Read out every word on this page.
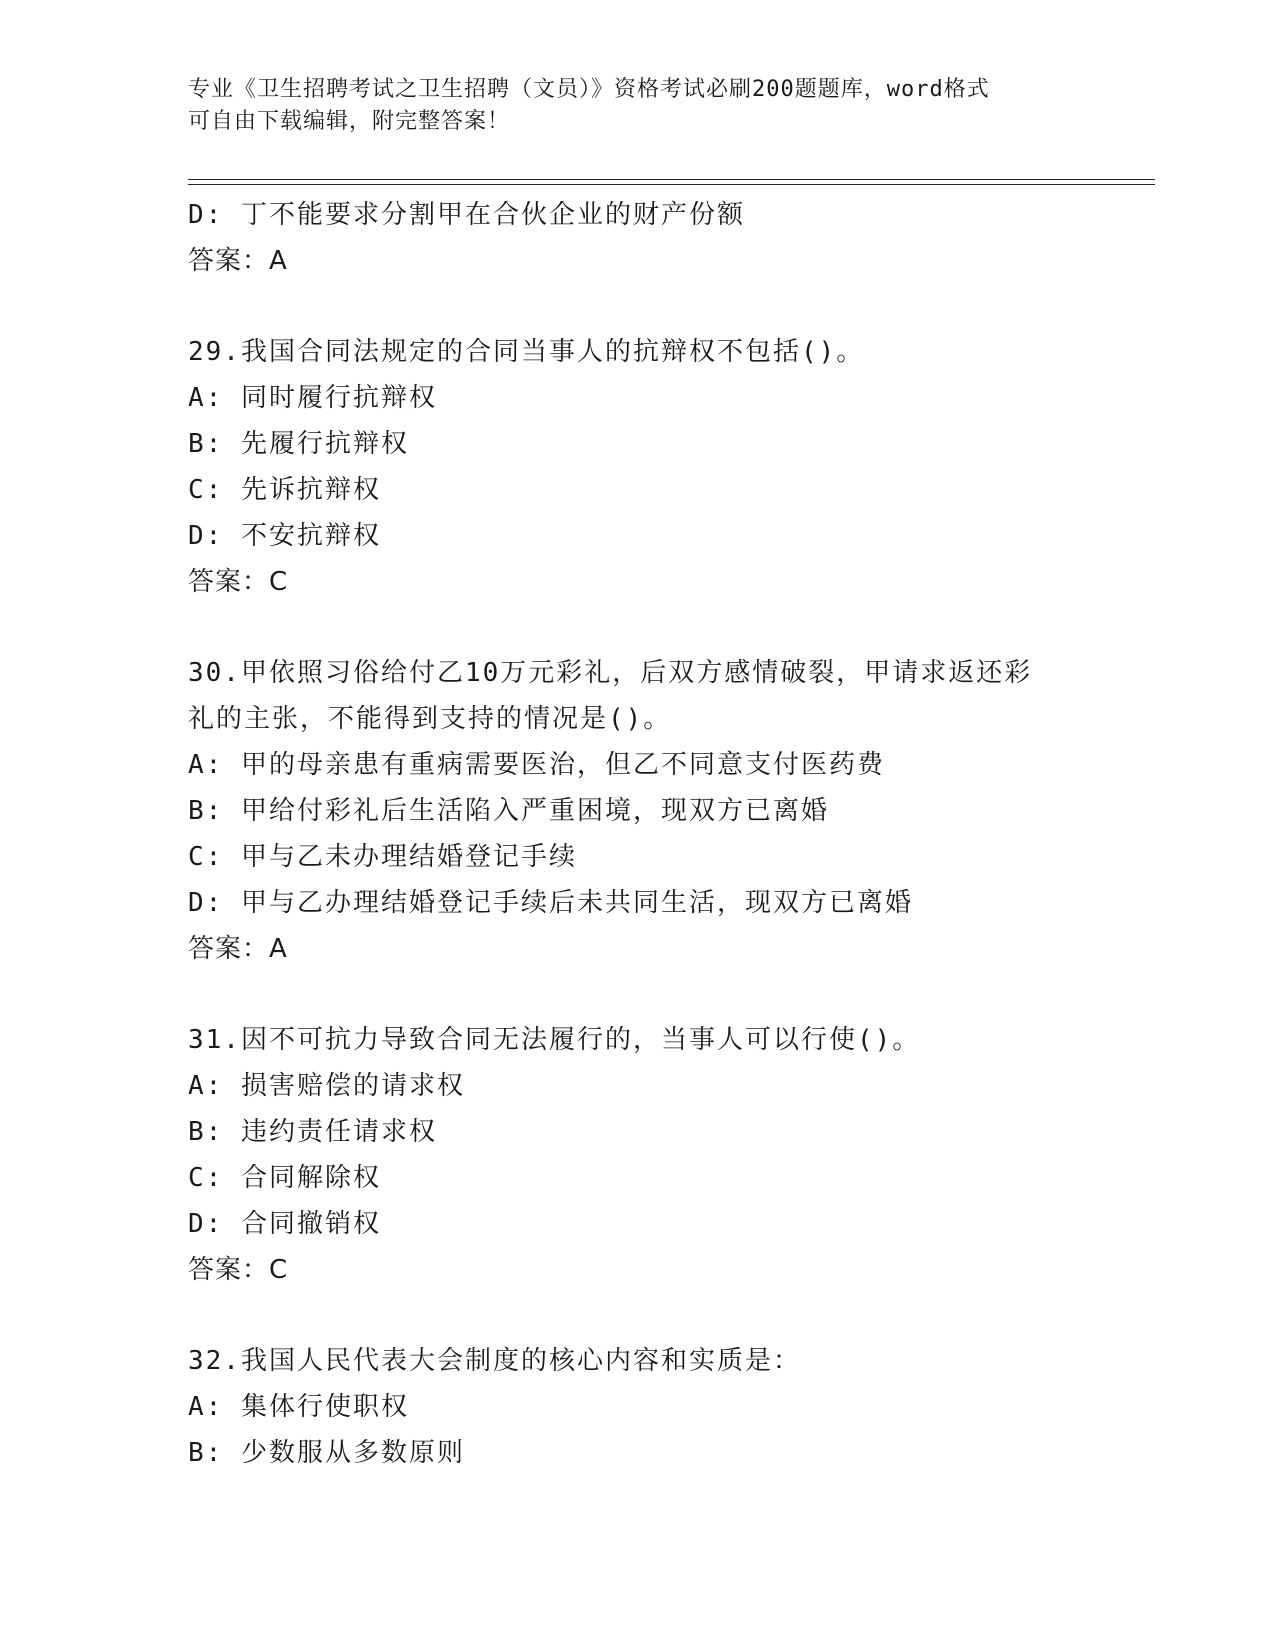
专业《卫生招聘考试之卫生招聘（文员）》资格考试必刷200题题库，word格式
可自由下载编辑，附完整答案！
D: 丁不能要求分割甲在合伙企业的财产份额
答案：A
29.我国合同法规定的合同当事人的抗辩权不包括()。
A: 同时履行抗辩权
B: 先履行抗辩权
C: 先诉抗辩权
D: 不安抗辩权
答案：C
30.甲依照习俗给付乙10万元彩礼，后双方感情破裂，甲请求返还彩
礼的主张，不能得到支持的情况是()。
A: 甲的母亲患有重病需要医治，但乙不同意支付医药费
B: 甲给付彩礼后生活陷入严重困境，现双方已离婚
C: 甲与乙未办理结婚登记手续
D: 甲与乙办理结婚登记手续后未共同生活，现双方已离婚
答案：A
31.因不可抗力导致合同无法履行的，当事人可以行使()。
A: 损害赔偿的请求权
B: 违约责任请求权
C: 合同解除权
D: 合同撤销权
答案：C
32.我国人民代表大会制度的核心内容和实质是：
A: 集体行使职权
B: 少数服从多数原则
